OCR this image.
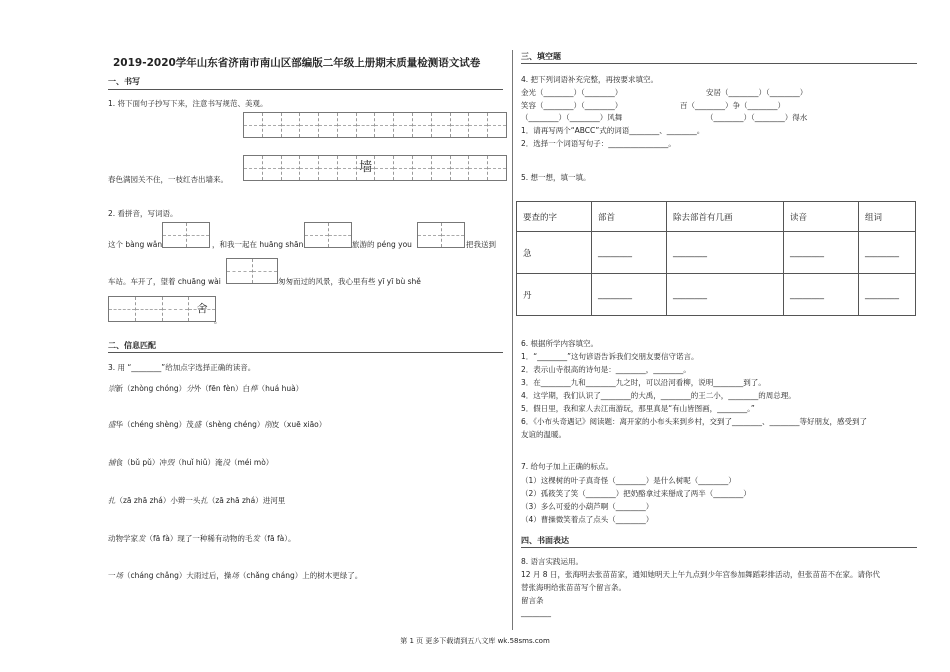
2019-2020学年山东省济南市南山区部编版二年级上册期末质量检测语文试卷
一、书写
1. 将下面句子抄写下来，注意书写规范、美观。
墙
春色满园关不住，一枝红杏出墙来。
2. 看拼音，写词语。
这个 bàng wǎn	，和我一起在 huāng shān	旅游的 péng you	把我送到
车站。车开了，望着 chuāng wài	匆匆而过的风景，我心里有些 yī yī bù shě
舍
。
二、信息匹配
3. 用 “________”给加点字选择正确的读音。
崇新（zhòng chóng）分外（fēn fèn）白桦（huá huà）
盛华（chéng shèng）茂盛（shèng chéng）削皮（xuē xiāo）
捕食（bǔ pǔ）冲毁（huǐ hiǔ）淹没（méi mò）
扎（zā zhā zhá）小辫一头扎（zā zhā zhá）进河里
动物学家发（fā fà）现了一种稀有动物的毛发（fā fà）。
一场（cháng chǎng）大雨过后，操场（chǎng cháng）上的树木更绿了。
三、填空题
4. 把下列词语补充完整，再按要求填空。
金光（________）（________）	安居（________）（________）
笑容（________）（________）	百（________）争（________）
（________）（________）风舞	（________）（________）得水
1．请再写两个“ABCC”式的词语________、________。
2．选择一个词语写句子：________________。
5. 想一想，填一填。
要查的字	部首	除去部首有几画	读音	组词
急	________	________	________	________
丹	________	________	________	________
6. 根据所学内容填空。
1．“________”这句谚语告诉我们交朋友要信守诺言。
2．表示山寺很高的诗句是：________，________。
3．在________九和________九之时，可以沿河看柳，说明________到了。
4．这学期，我们认识了________的大禹，________的王二小，________的周总理。
5．假日里，我和家人去江南游玩，那里真是“有山皆图画，________。”
6．《小布头奇遇记》阅读题：离开家的小布头来到乡村，交到了________、________等好朋友，感受到了
友谊的温暖。
7. 给句子加上正确的标点。
（1）这棵树的叶子真奇怪（________）是什么树呢（________）
（2）孤筱笑了笑（________）把奶酪拿过来掰成了两半（________）
（3）多么可爱的小葫芦啊（________）
（4）曹操微笑着点了点头（________）
四、书面表达
8. 语言实践运用。
12 月 8 日，张海明去张苗苗家，通知她明天上午九点到少年宫参加舞蹈彩排活动，但张苗苗不在家。请你代
替张海明给张苗苗写个留言条。
留言条
________
第 1 页 更多下载请到五八文库 wk.58sms.com
